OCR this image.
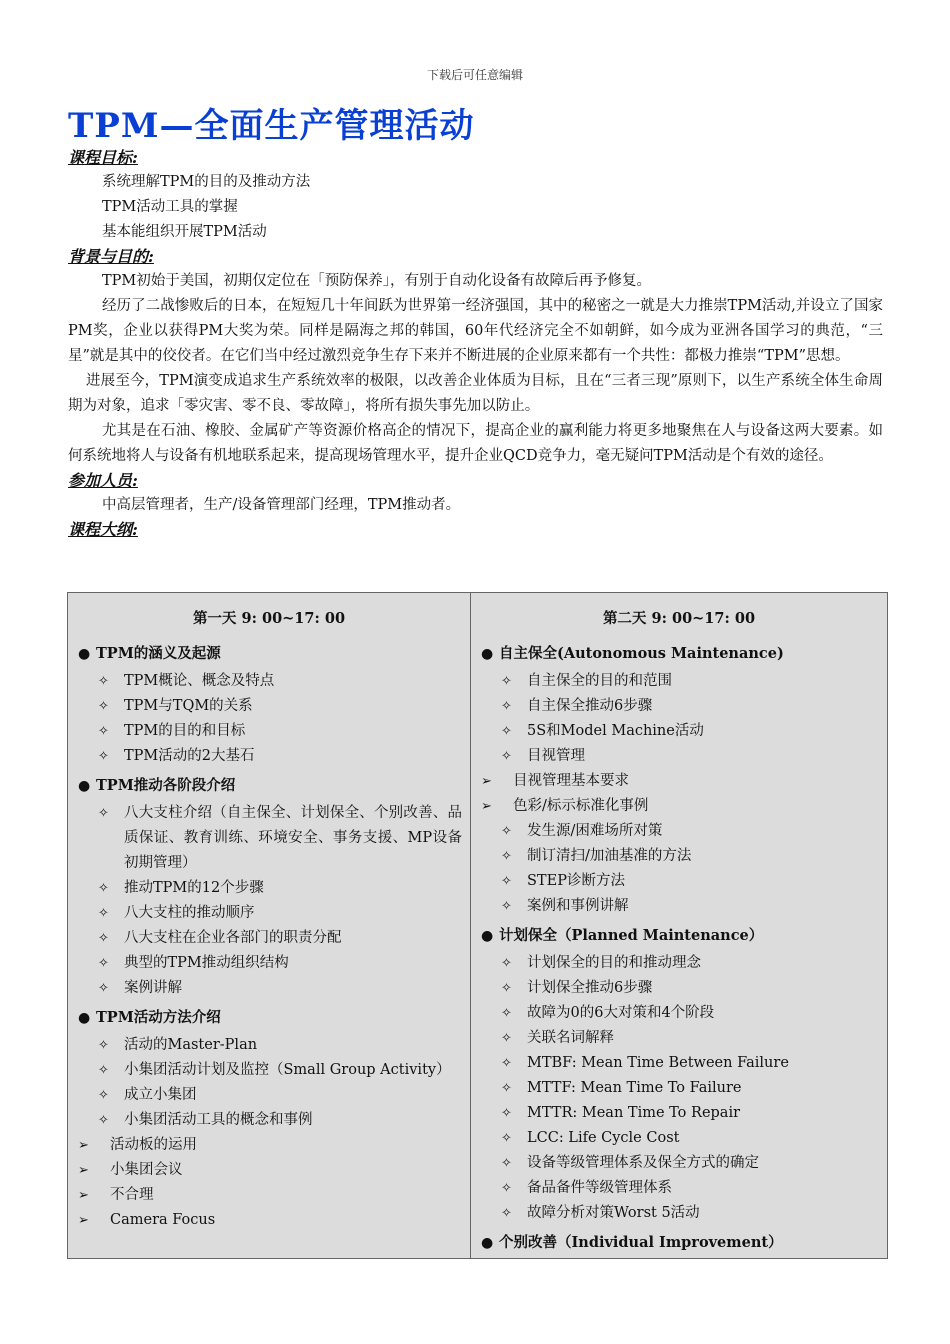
下载后可任意编辑
TPM—全面生产管理活动
课程目标:

系统理解TPM的目的及推动方法

TPM活动工具的掌握

基本能组织开展TPM活动

背景与目的:

TPM初始于美国，初期仅定位在「预防保养」，有别于自动化设备有故障后再予修复。

经历了二战惨败后的日本，在短短几十年间跃为世界第一经济强国，其中的秘密之一就是大力推崇TPM活动,并设立了国家PM奖，企业以获得PM大奖为荣。同样是隔海之邦的韩国，60年代经济完全不如朝鲜，如今成为亚洲各国学习的典范，“三星”就是其中的佼佼者。在它们当中经过激烈竞争生存下来并不断进展的企业原来都有一个共性：都极力推崇“TPM”思想。

进展至今，TPM演变成追求生产系统效率的极限，以改善企业体质为目标，且在“三者三现”原则下，以生产系统全体生命周期为对象，追求「零灾害、零不良、零故障」，将所有损失事先加以防止。

尤其是在石油、橡胶、金属矿产等资源价格高企的情况下，提高企业的赢利能力将更多地聚焦在人与设备这两大要素。如何系统地将人与设备有机地联系起来，提高现场管理水平，提升企业QCD竞争力，毫无疑问TPM活动是个有效的途径。

参加人员:

中高层管理者，生产/设备管理部门经理，TPM推动者。

课程大纲:
第一天 9: 00~17: 00
● TPM的涵义及起源
✧ TPM概论、概念及特点
✧ TPM与TQM的关系
✧ TPM的目的和目标
✧ TPM活动的2大基石
● TPM推动各阶段介绍
✧ 八大支柱介绍（自主保全、计划保全、个别改善、品质保证、教育训练、环境安全、事务支援、MP设备初期管理）
✧ 推动TPM的12个步骤
✧ 八大支柱的推动顺序
✧ 八大支柱在企业各部门的职责分配
✧ 典型的TPM推动组织结构
✧ 案例讲解
● TPM活动方法介绍
✧ 活动的Master-Plan
✧ 小集团活动计划及监控（Small Group Activity）
✧ 成立小集团
✧ 小集团活动工具的概念和事例
➢ 活动板的运用
➢ 小集团会议
➢ 不合理
➢ Camera Focus

第二天 9: 00~17: 00
● 自主保全(Autonomous Maintenance)
✧ 自主保全的目的和范围
✧ 自主保全推动6步骤
✧ 5S和Model Machine活动
✧ 目视管理
➢ 目视管理基本要求
➢ 色彩/标示标准化事例
✧ 发生源/困难场所对策
✧ 制订清扫/加油基准的方法
✧ STEP诊断方法
✧ 案例和事例讲解
● 计划保全（Planned Maintenance）
✧ 计划保全的目的和推动理念
✧ 计划保全推动6步骤
✧ 故障为0的6大对策和4个阶段
✧ 关联名词解释
✧ MTBF: Mean Time Between Failure
✧ MTTF: Mean Time To Failure
✧ MTTR: Mean Time To Repair
✧ LCC: Life Cycle Cost
✧ 设备等级管理体系及保全方式的确定
✧ 备品备件等级管理体系
✧ 故障分析对策Worst 5活动
● 个别改善（Individual Improvement）
